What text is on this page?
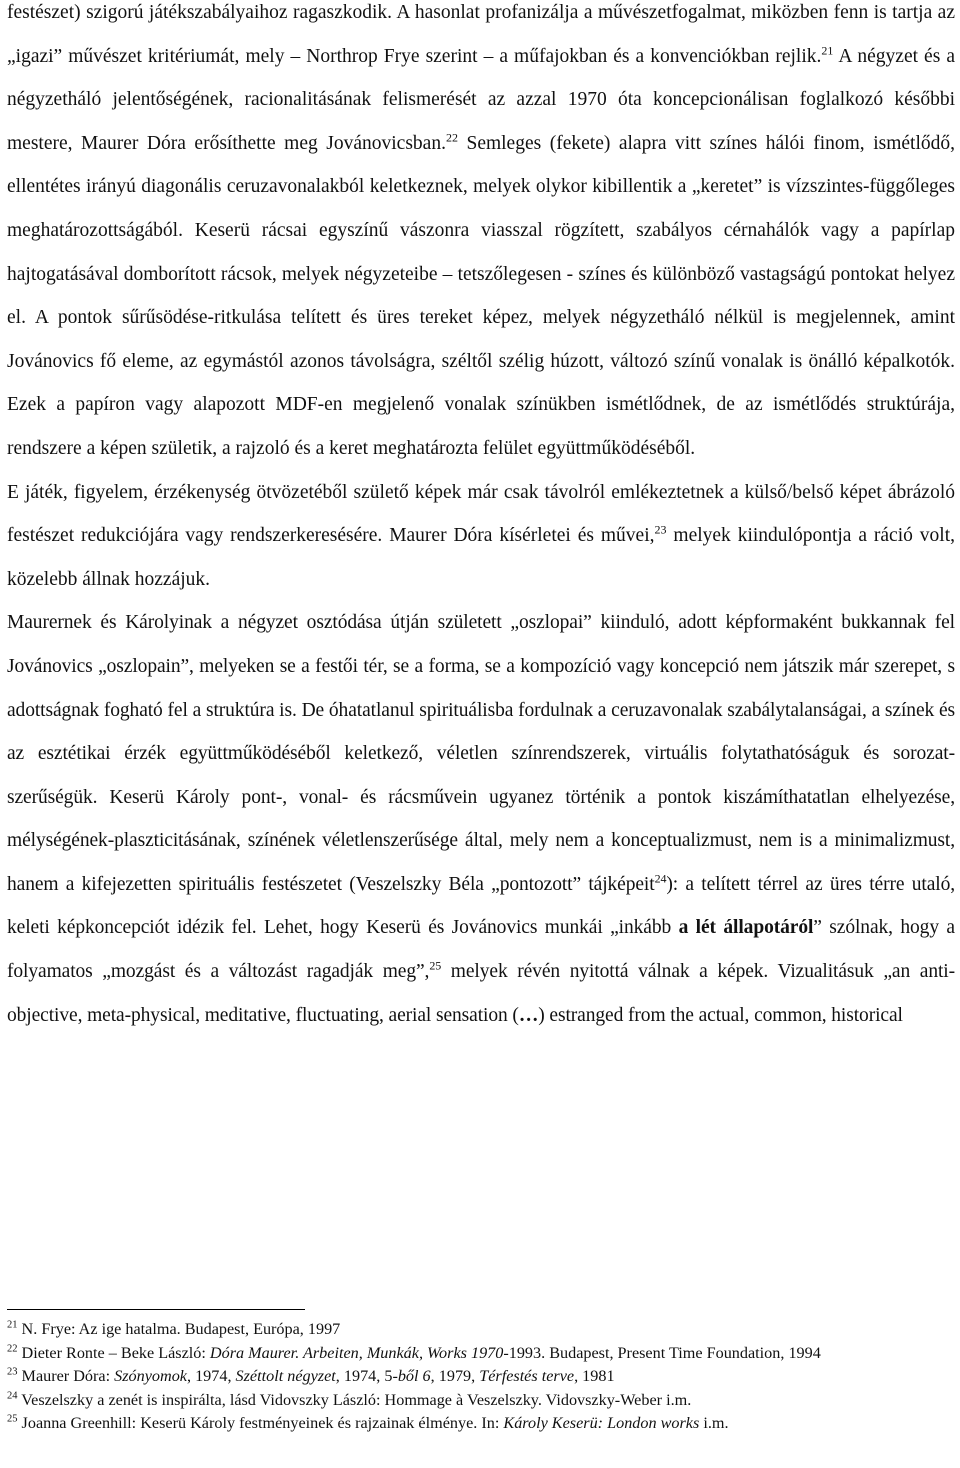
festészet) szigorú játékszabályaihoz ragaszkodik. A hasonlat profanizálja a művészetfogalmat, miközben fenn is tartja az „igazi” művészet kritériumát, mely – Northrop Frye szerint – a műfajokban és a konvenciókban rejlik.$^{21}$ A négyzet és a négyzetháló jelentőségének, racionalitásának felismerését az azzal 1970 óta koncepcionálisan foglalkozó későbbi mestere, Maurer Dóra erősíthette meg Jovánovicsban.$^{22}$ Semleges (fekete) alapra vitt színes hálói finom, ismétlődő, ellentétes irányú diagonális ceruzavonalakból keletkeznek, melyek olykor kibillentik a „keretet” is vízszintes-függőleges meghatározottságából. Keserü rácsai egyszínű vászonra viasszal rögzített, szabályos cérnahálók vagy a papírlap hajtogatásával domborított rácsok, melyek négyzeteibe – tetszőlegesen - színes és különböző vastagságú pontokat helyez el. A pontok sűrűsödése-ritkulása telített és üres tereket képez, melyek négyzetháló nélkül is megjelennek, amint Jovánovics fő eleme, az egymástól azonos távolságra, széltől szélig húzott, változó színű vonalak is önálló képalkotók. Ezek a papíron vagy alapozott MDF-en megjelenő vonalak színükben ismétlődnek, de az ismétlődés struktúrája, rendszere a képen születik, a rajzoló és a keret meghatározta felület együttműködéséből.

E játék, figyelem, érzékenység ötvözetéből születő képek már csak távolról emlékeztetnek a külső/belső képet ábrázoló festészet redukciójára vagy rendszerkeresésére. Maurer Dóra kísérletei és művei,$^{23}$ melyek kiindulópontja a ráció volt, közelebb állnak hozzájuk.

Maurernek és Károlyinak a négyzet osztódása útján született „oszlopai” kiinduló, adott képformaként bukkannak fel Jovánovics „oszlopain”, melyeken se a festői tér, se a forma, se a kompozíció vagy koncepció nem játszik már szerepet, s adottságnak fogható fel a struktúra is. De óhatatlanul spirituálisba fordulnak a ceruzavonalak szabálytalanságai, a színek és az esztétikai érzék együttműködéséből keletkező, véletlen színrendszerek, virtuális folytathatóságuk és sorozat-szerűségük. Keserü Károly pont-, vonal- és rácsművein ugyanez történik a pontok kiszámíthatatlan elhelyezése, mélységének-plaszticitásának, színének véletlenszerűsége által, mely nem a konceptualizmust, nem is a minimalizmust, hanem a kifejezetten spirituális festészetet (Veszelszky Béla „pontozott” tájképeit$^{24}$): a telített térrel az üres térre utaló, keleti képkoncepciót idézik fel. Lehet, hogy Keserü és Jovánovics munkái „inkább a lét állapotáról” szólnak, hogy a folyamatos „mozgást és a változást ragadják meg”,$^{25}$ melyek révén nyitottá válnak a képek. Vizualitásuk „an anti-objective, meta-physical, meditative, fluctuating, aerial sensation (…) estranged from the actual, common, historical

$^{21}$ N. Frye: Az ige hatalma. Budapest, Európa, 1997

$^{22}$ Dieter Ronte – Beke László: Dóra Maurer. Arbeiten, Munkák, Works 1970-1993. Budapest, Present Time Foundation, 1994

$^{23}$ Maurer Dóra: Szónyomok, 1974, Széttolt négyzet, 1974, 5-ből 6, 1979, Térfestés terve, 1981

$^{24}$ Veszelszky a zenét is inspirálta, lásd Vidovszky László: Hommage à Veszelszky. Vidovszky-Weber i.m.

$^{25}$ Joanna Greenhill: Keserü Károly festményeinek és rajzainak élménye. In: Károly Keserü: London works i.m.
